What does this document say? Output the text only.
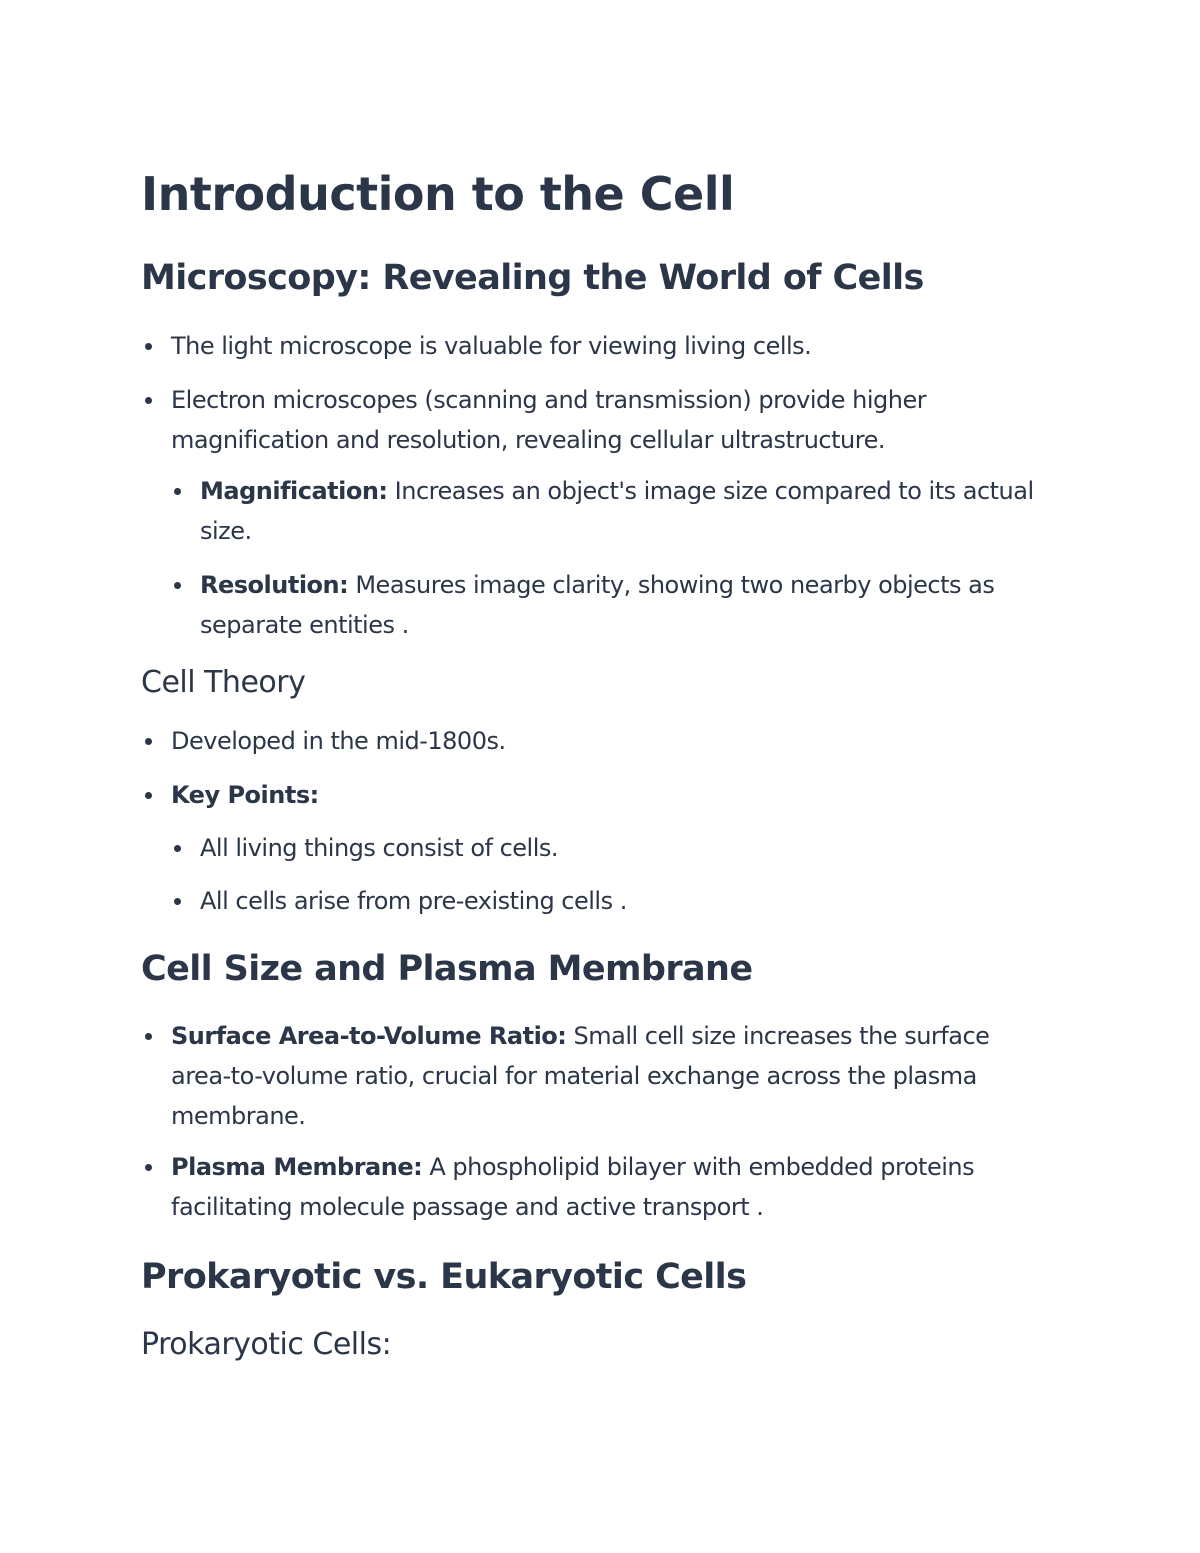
Introduction to the Cell
Microscopy: Revealing the World of Cells
The light microscope is valuable for viewing living cells.
Electron microscopes (scanning and transmission) provide higher magnification and resolution, revealing cellular ultrastructure.
Magnification: Increases an object's image size compared to its actual size.
Resolution: Measures image clarity, showing two nearby objects as separate entities .
Cell Theory
Developed in the mid-1800s.
Key Points:
All living things consist of cells.
All cells arise from pre-existing cells .
Cell Size and Plasma Membrane
Surface Area-to-Volume Ratio: Small cell size increases the surface area-to-volume ratio, crucial for material exchange across the plasma membrane.
Plasma Membrane: A phospholipid bilayer with embedded proteins facilitating molecule passage and active transport .
Prokaryotic vs. Eukaryotic Cells
Prokaryotic Cells:
